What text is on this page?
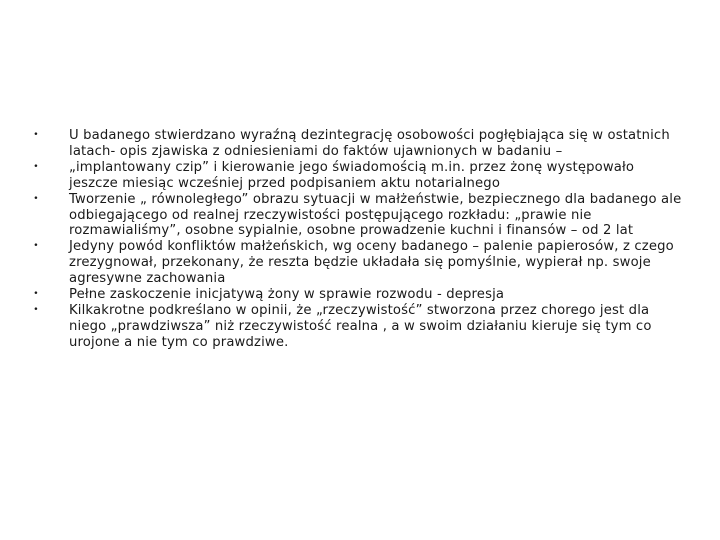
• U badanego stwierdzano wyraźną dezintegrację osobowości pogłębiająca się w ostatnich latach- opis zjawiska z odniesieniami do faktów ujawnionych w badaniu –
• „implantowany czip” i kierowanie jego świadomością m.in. przez żonę występowało jeszcze miesiąc wcześniej przed podpisaniem aktu notarialnego
• Tworzenie „ równoległego” obrazu sytuacji w małżeństwie, bezpiecznego dla badanego ale odbiegającego od realnej rzeczywistości postępującego rozkładu: „prawie nie rozmawialiśmy”, osobne sypialnie, osobne prowadzenie kuchni i finansów – od 2 lat
• Jedyny powód konfliktów małżeńskich, wg oceny badanego – palenie papierosów, z czego zrezygnował, przekonany, że reszta będzie układała się pomyślnie, wypierał np. swoje agresywne zachowania
• Pełne zaskoczenie inicjatywą żony w sprawie rozwodu - depresja
• Kilkakrotne podkreślano w opinii, że „rzeczywistość” stworzona przez chorego jest dla niego „prawdziwsza” niż rzeczywistość realna , a w swoim działaniu kieruje się tym co urojone a nie tym co prawdziwe.
